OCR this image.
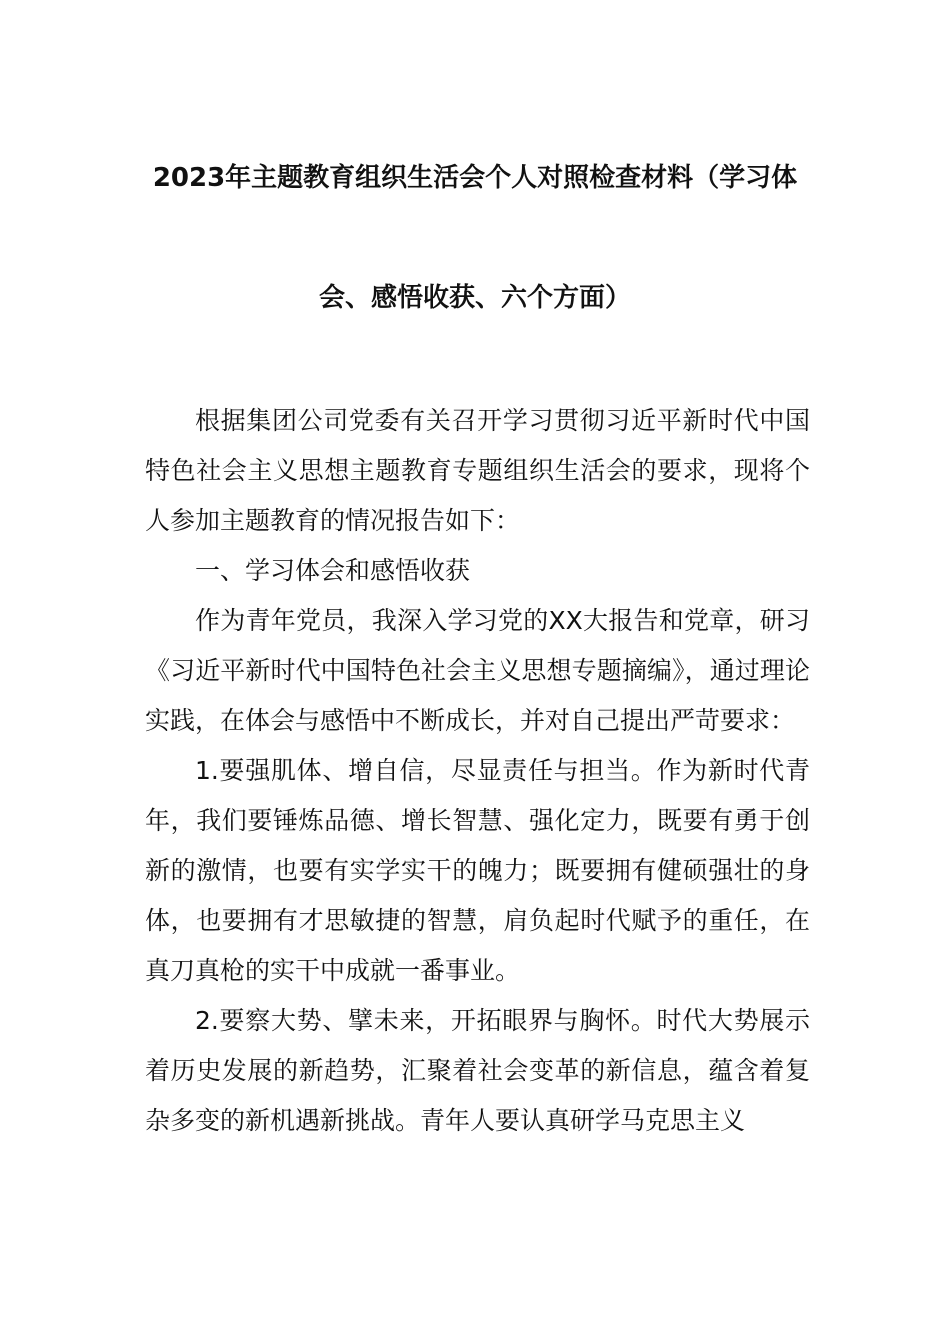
2023年主题教育组织生活会个人对照检查材料（学习体
会、感悟收获、六个方面）

根据集团公司党委有关召开学习贯彻习近平新时代中国特色社会主义思想主题教育专题组织生活会的要求，现将个人参加主题教育的情况报告如下：

一、学习体会和感悟收获

作为青年党员，我深入学习党的XX大报告和党章，研习《习近平新时代中国特色社会主义思想专题摘编》，通过理论实践，在体会与感悟中不断成长，并对自己提出严苛要求：

1.要强肌体、增自信，尽显责任与担当。作为新时代青年，我们要锤炼品德、增长智慧、强化定力，既要有勇于创新的激情，也要有实学实干的魄力；既要拥有健硕强壮的身体，也要拥有才思敏捷的智慧，肩负起时代赋予的重任，在真刀真枪的实干中成就一番事业。

2.要察大势、擘未来，开拓眼界与胸怀。时代大势展示着历史发展的新趋势，汇聚着社会变革的新信息，蕴含着复杂多变的新机遇新挑战。青年人要认真研学马克思主义
